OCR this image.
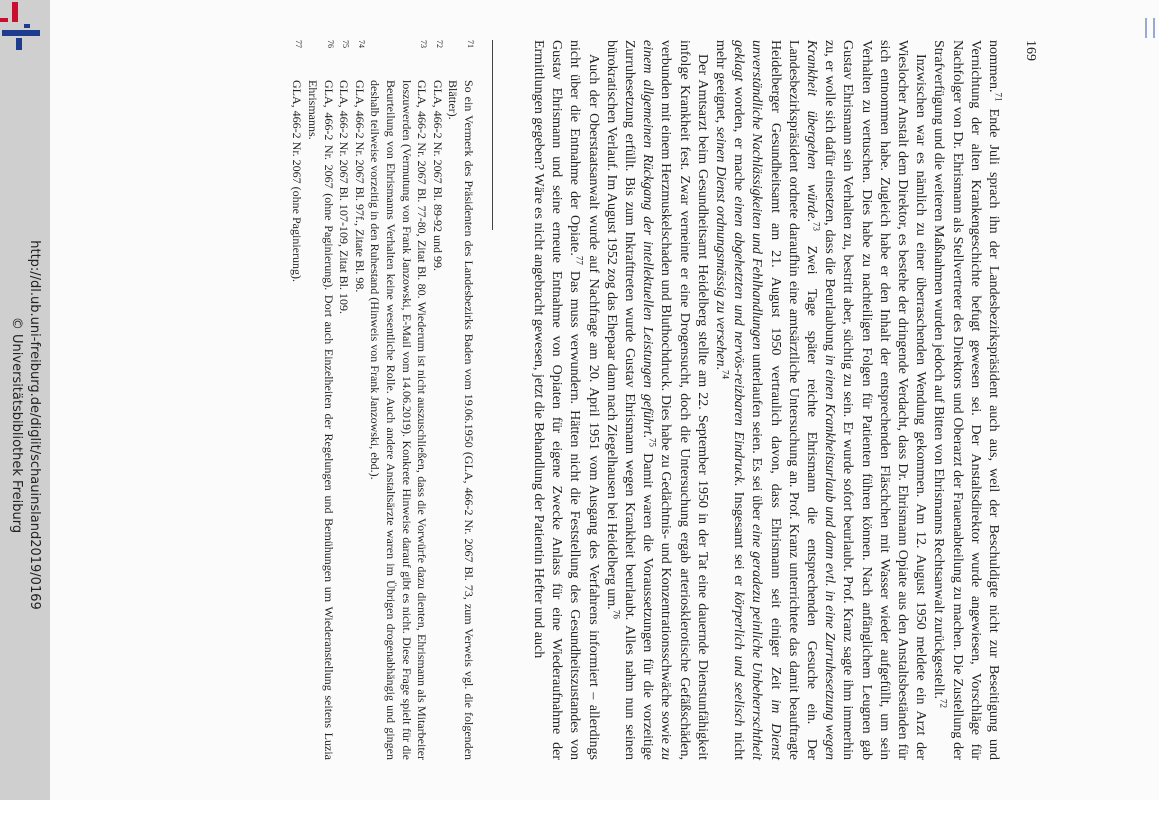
http://dl.ub.uni-freiburg.de/diglit/schauinsland2019/0169
© Universitätsbibliothek Freiburg
169

nommen.$^{71}$ Ende Juli sprach ihn der Landesbezirkspräsident auch aus, weil der Beschuldigte nicht zur Beseitigung und Vernichtung der alten Krankengeschichte befugt gewesen sei. Der Anstaltsdirektor wurde angewiesen, Vorschläge für Nachfolger von Dr. Ehrismann als Stellvertreter des Direktors und Oberarzt der Frauenabteilung zu machen. Die Zustellung der Strafverfügung und die weiteren Maßnahmen wurden jedoch auf Bitten von Ehrismanns Rechtsanwalt zurückgestellt.$^{72}$

Inzwischen war es nämlich zu einer überraschenden Wendung gekommen. Am 12. August 1950 meldete ein Arzt der Wieslocher Anstalt dem Direktor, es bestehe der dringende Verdacht, dass Dr. Ehrismann Opiate aus den Anstaltsbeständen für sich entnommen habe. Zugleich habe er den Inhalt der entsprechenden Fläschchen mit Wasser wieder aufgefüllt, um sein Verhalten zu vertuschen. Dies habe zu nachteiligen Folgen für Patienten führen können. Nach anfänglichem Leugnen gab Gustav Ehrismann sein Verhalten zu, bestritt aber, süchtig zu sein. Er wurde sofort beurlaubt. Prof. Kranz sagte ihm immerhin zu, er wolle sich dafür einsetzen, dass die Beurlaubung in einen Krankheitsurlaub und dann evtl. in eine Zurruhesetzung wegen Krankheit übergehen würde.$^{73}$ Zwei Tage später reichte Ehrismann die entsprechenden Gesuche ein. Der Landesbezirkspräsident ordnete daraufhin eine amtsärztliche Untersuchung an. Prof. Kranz unterrichtete das damit beauftragte Heidelberger Gesundheitsamt am 21. August 1950 vertraulich davon, dass Ehrismann seit einiger Zeit im Dienst unverständliche Nachlässigkeiten und Fehlhandlungen unterlaufen seien. Es sei über eine geradezu peinliche Unbeherrschtheit geklagt worden, er mache einen abgehetzten und nervös-reizbaren Eindruck. Insgesamt sei er körperlich und seelisch nicht mehr geeignet, seinen Dienst ordnungsmässig zu versehen.$^{74}$

Der Amtsarzt beim Gesundheitsamt Heidelberg stellte am 22. September 1950 in der Tat eine dauernde Dienstunfähigkeit infolge Krankheit fest. Zwar verneinte er eine Drogensucht, doch die Untersuchung ergab arteriosklerotische Gefäßschäden, verbunden mit einem Herzmuskelschaden und Bluthochdruck. Dies habe zu Gedächtnis- und Konzentrationsschwäche sowie zu einem allgemeinen Rückgang der intellektuellen Leistungen geführt.$^{75}$ Damit waren die Voraussetzungen für die vorzeitige Zurruhesetzung erfüllt. Bis zum Inkrafttreten wurde Gustav Ehrismann wegen Krankheit beurlaubt. Alles nahm nun seinen bürokratischen Verlauf. Im August 1952 zog das Ehepaar dann nach Ziegelhausen bei Heidelberg um.$^{76}$

Auch der Oberstaatsanwalt wurde auf Nachfrage am 20. April 1951 vom Ausgang des Verfahrens informiert – allerdings nicht über die Entnahme der Opiate.$^{77}$ Das muss verwundern. Hätten nicht die Feststellung des Gesundheitszustandes von Gustav Ehrismann und seine erneute Entnahme von Opiaten für eigene Zwecke Anlass für eine Wiederaufnahme der Ermittlungen gegeben? Wäre es nicht angebracht gewesen, jetzt die Behandlung der Patientin Hefter und auch

71
So ein Vermerk des Präsidenten des Landesbezirks Baden vom 19.06.1950 (GLA, 466-2 Nr. 2067 Bl. 73, zum Verweis vgl. die folgenden Blätter).
72
GLA, 466-2 Nr. 2067 Bl. 89-92 und 99.
73
GLA, 466-2 Nr. 2067 Bl. 77-80, Zitat Bl. 80. Wiederum ist nicht auszuschließen, dass die Vorwürfe dazu dienten, Ehrismann als Mitarbeiter loszuwerden (Vermutung von Frank Janzowski, E-Mail vom 14.06.2019). Konkrete Hinweise darauf gibt es nicht. Diese Frage spielt für die Beurteilung von Ehrismanns Verhalten keine wesentliche Rolle. Auch andere Anstaltsärzte waren im Übrigen drogenabhängig und gingen deshalb teilweise vorzeitig in den Ruhestand (Hinweis von Frank Janzowski, ebd.).
74
GLA, 466-2 Nr. 2067 Bl. 97f., Zitate Bl. 98.
75
GLA, 466-2 Nr. 2067 Bl. 107-109, Zitat Bl. 109.
76
GLA, 466-2 Nr. 2067 (ohne Paginierung). Dort auch Einzelheiten der Regelungen und Bemühungen um Wiederanstellung seitens Luzia Ehrismanns.
77
GLA, 466-2 Nr. 2067 (ohne Paginierung).
